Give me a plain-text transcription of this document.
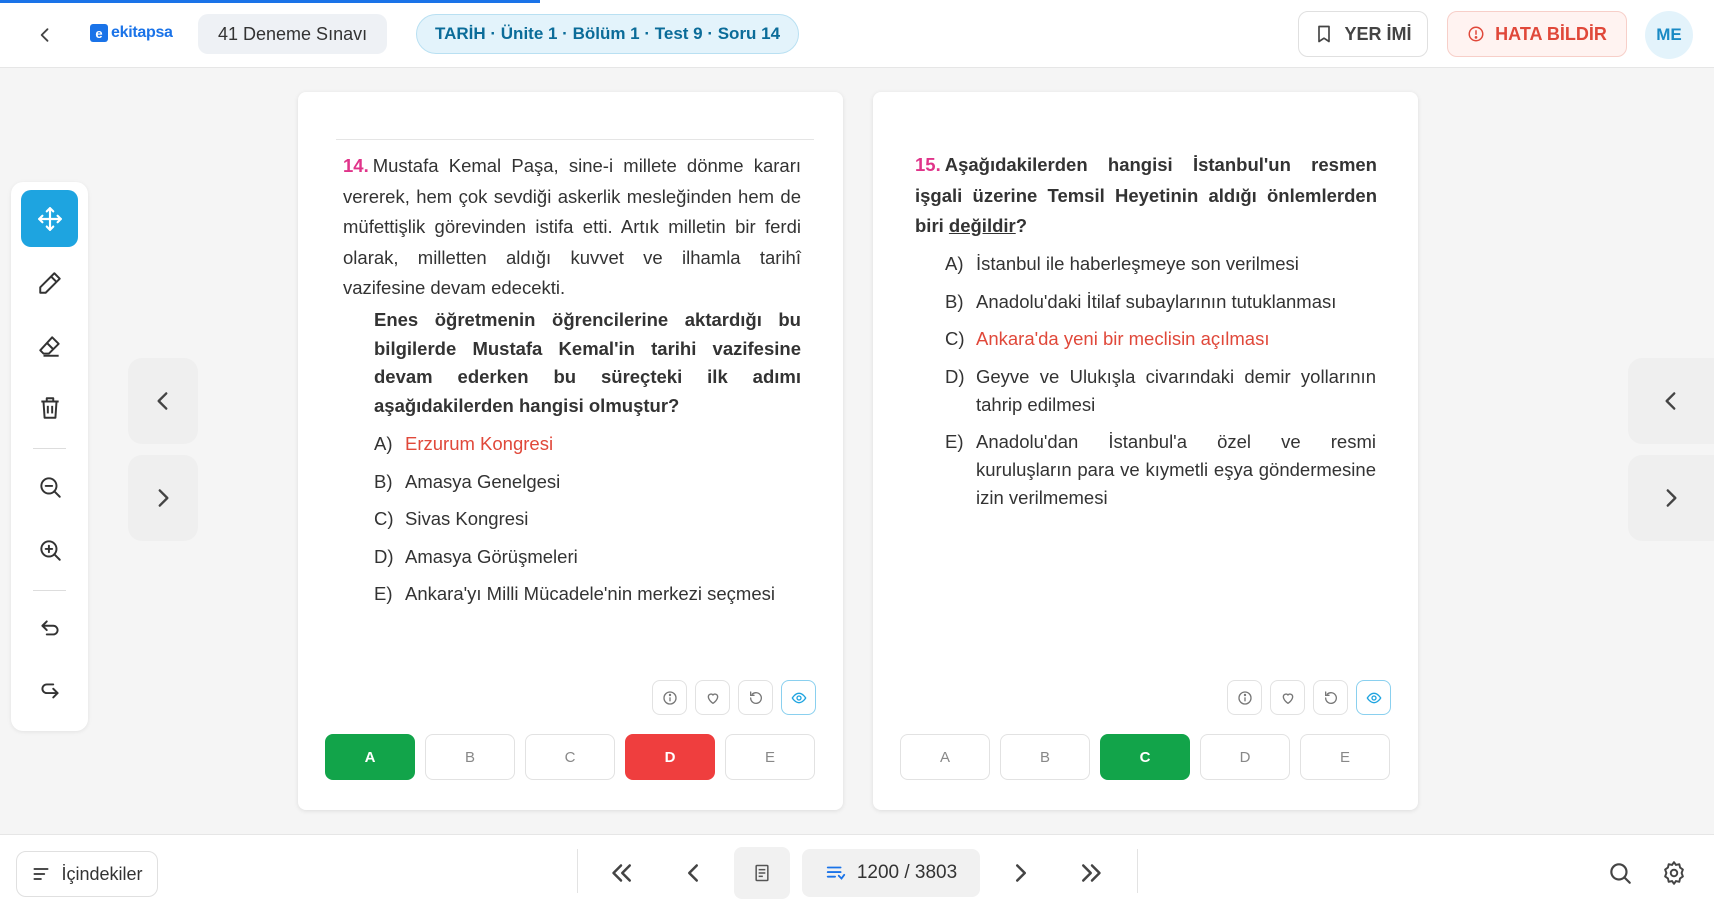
e ekitapsa	41 Deneme Sınavı	TARİH · Ünite 1 · Bölüm 1 · Test 9 · Soru 14	YER İMİ	HATA BİLDİR	ME
14. Mustafa Kemal Paşa, sine-i millete dönme kararı vererek, hem çok sevdiği askerlik mesleğinden hem de müfettişlik görevinden istifa etti. Artık milletin bir ferdi olarak, milletten aldığı kuvvet ve ilhamla tarihî vazifesine devam edecekti.
Enes öğretmenin öğrencilerine aktardığı bu bilgilerde Mustafa Kemal'in tarihi vazifesine devam ederken bu süreçteki ilk adımı aşağıdakilerden hangisi olmuştur?
A) Erzurum Kongresi
B) Amasya Genelgesi
C) Sivas Kongresi
D) Amasya Görüşmeleri
E) Ankara'yı Milli Mücadele'nin merkezi seçmesi
A	B	C	D	E
15. Aşağıdakilerden hangisi İstanbul'un resmen işgali üzerine Temsil Heyetinin aldığı önlemlerden biri değildir?
A) İstanbul ile haberleşmeye son verilmesi
B) Anadolu'daki İtilaf subaylarının tutuklanması
C) Ankara'da yeni bir meclisin açılması
D) Geyve ve Ulukışla civarındaki demir yollarının tahrip edilmesi
E) Anadolu'dan İstanbul'a özel ve resmi kuruluşların para ve kıymetli eşya göndermesine izin verilmemesi
A	B	C	D	E
İçindekiler	1200 / 3803
